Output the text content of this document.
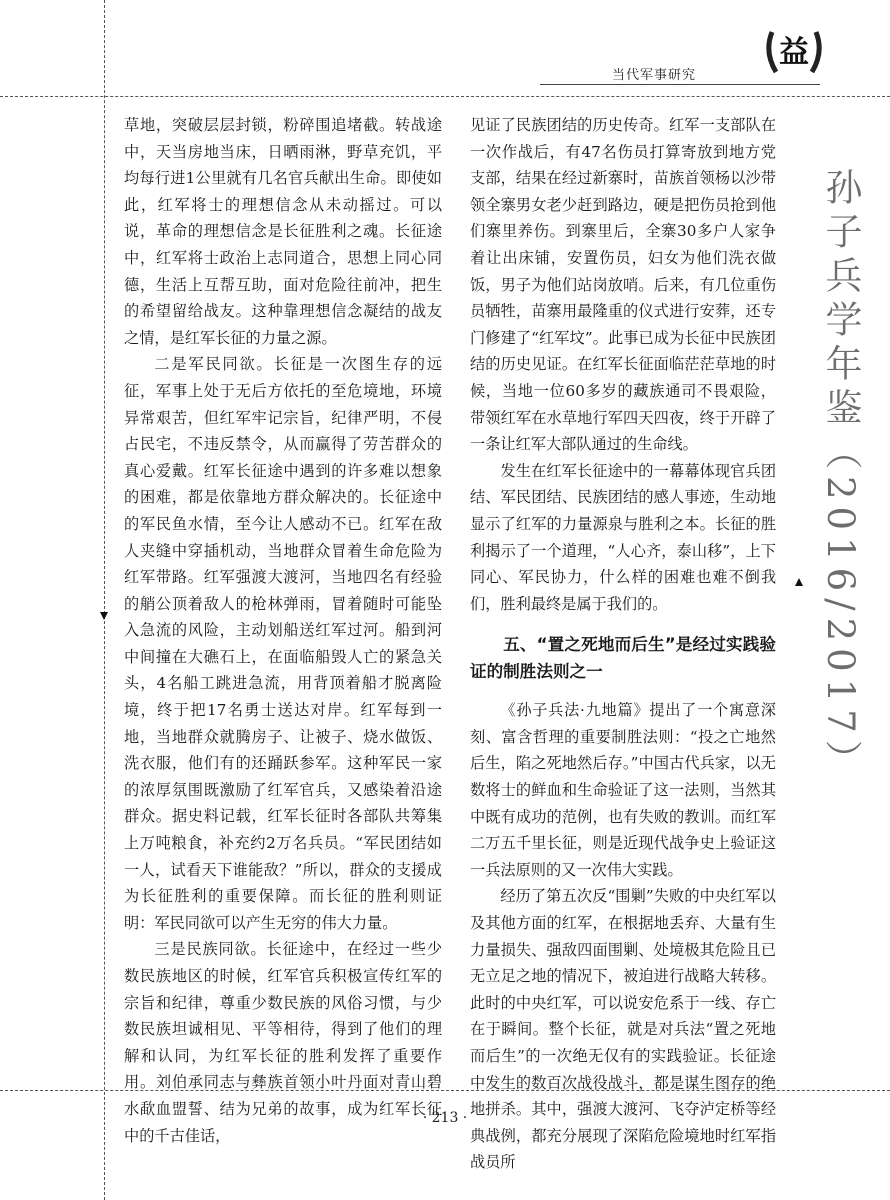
当代军事研究
益

草地，突破层层封锁，粉碎围追堵截。转战途中，天当房地当床，日晒雨淋，野草充饥，平均每行进1公里就有几名官兵献出生命。即使如此，红军将士的理想信念从未动摇过。可以说，革命的理想信念是长征胜利之魂。长征途中，红军将士政治上志同道合，思想上同心同德，生活上互帮互助，面对危险往前冲，把生的希望留给战友。这种靠理想信念凝结的战友之情，是红军长征的力量之源。

二是军民同欲。长征是一次图生存的远征，军事上处于无后方依托的至危境地，环境异常艰苦，但红军牢记宗旨，纪律严明，不侵占民宅，不违反禁令，从而赢得了劳苦群众的真心爱戴。红军长征途中遇到的许多难以想象的困难，都是依靠地方群众解决的。长征途中的军民鱼水情，至今让人感动不已。红军在敌人夹缝中穿插机动，当地群众冒着生命危险为红军带路。红军强渡大渡河，当地四名有经验的艄公顶着敌人的枪林弹雨，冒着随时可能坠入急流的风险，主动划船送红军过河。船到河中间撞在大礁石上，在面临船毁人亡的紧急关头，4名船工跳进急流，用背顶着船才脱离险境，终于把17名勇士送达对岸。红军每到一地，当地群众就腾房子、让被子、烧水做饭、洗衣服，他们有的还踊跃参军。这种军民一家的浓厚氛围既激励了红军官兵，又感染着沿途群众。据史料记载，红军长征时各部队共筹集上万吨粮食，补充约2万名兵员。“军民团结如一人，试看天下谁能敌？”所以，群众的支援成为长征胜利的重要保障。而长征的胜利则证明：军民同欲可以产生无穷的伟大力量。

三是民族同欲。长征途中，在经过一些少数民族地区的时候，红军官兵积极宣传红军的宗旨和纪律，尊重少数民族的风俗习惯，与少数民族坦诚相见、平等相待，得到了他们的理解和认同，为红军长征的胜利发挥了重要作用。刘伯承同志与彝族首领小叶丹面对青山碧水歃血盟誓、结为兄弟的故事，成为红军长征中的千古佳话，

见证了民族团结的历史传奇。红军一支部队在一次作战后，有47名伤员打算寄放到地方党支部，结果在经过新寨时，苗族首领杨以沙带领全寨男女老少赶到路边，硬是把伤员抢到他们寨里养伤。到寨里后，全寨30多户人家争着让出床铺，安置伤员，妇女为他们洗衣做饭，男子为他们站岗放哨。后来，有几位重伤员牺牲，苗寨用最隆重的仪式进行安葬，还专门修建了“红军坟”。此事已成为长征中民族团结的历史见证。在红军长征面临茫茫草地的时候，当地一位60多岁的藏族通司不畏艰险，带领红军在水草地行军四天四夜，终于开辟了一条让红军大部队通过的生命线。

发生在红军长征途中的一幕幕体现官兵团结、军民团结、民族团结的感人事迹，生动地显示了红军的力量源泉与胜利之本。长征的胜利揭示了一个道理，“人心齐，泰山移”，上下同心、军民协力，什么样的困难也难不倒我们，胜利最终是属于我们的。

五、“置之死地而后生”是经过实践验证的制胜法则之一

《孙子兵法·九地篇》提出了一个寓意深刻、富含哲理的重要制胜法则：“投之亡地然后生，陷之死地然后存。”中国古代兵家，以无数将士的鲜血和生命验证了这一法则，当然其中既有成功的范例，也有失败的教训。而红军二万五千里长征，则是近现代战争史上验证这一兵法原则的又一次伟大实践。

经历了第五次反“围剿”失败的中央红军以及其他方面的红军，在根据地丢弃、大量有生力量损失、强敌四面围剿、处境极其危险且已无立足之地的情况下，被迫进行战略大转移。此时的中央红军，可以说安危系于一线、存亡在于瞬间。整个长征，就是对兵法“置之死地而后生”的一次绝无仅有的实践验证。长征途中发生的数百次战役战斗，都是谋生图存的绝地拼杀。其中，强渡大渡河、飞夺泸定桥等经典战例，都充分展现了深陷危险境地时红军指战员所

孙子兵学年鉴（2016/2017）
· 213 ·
